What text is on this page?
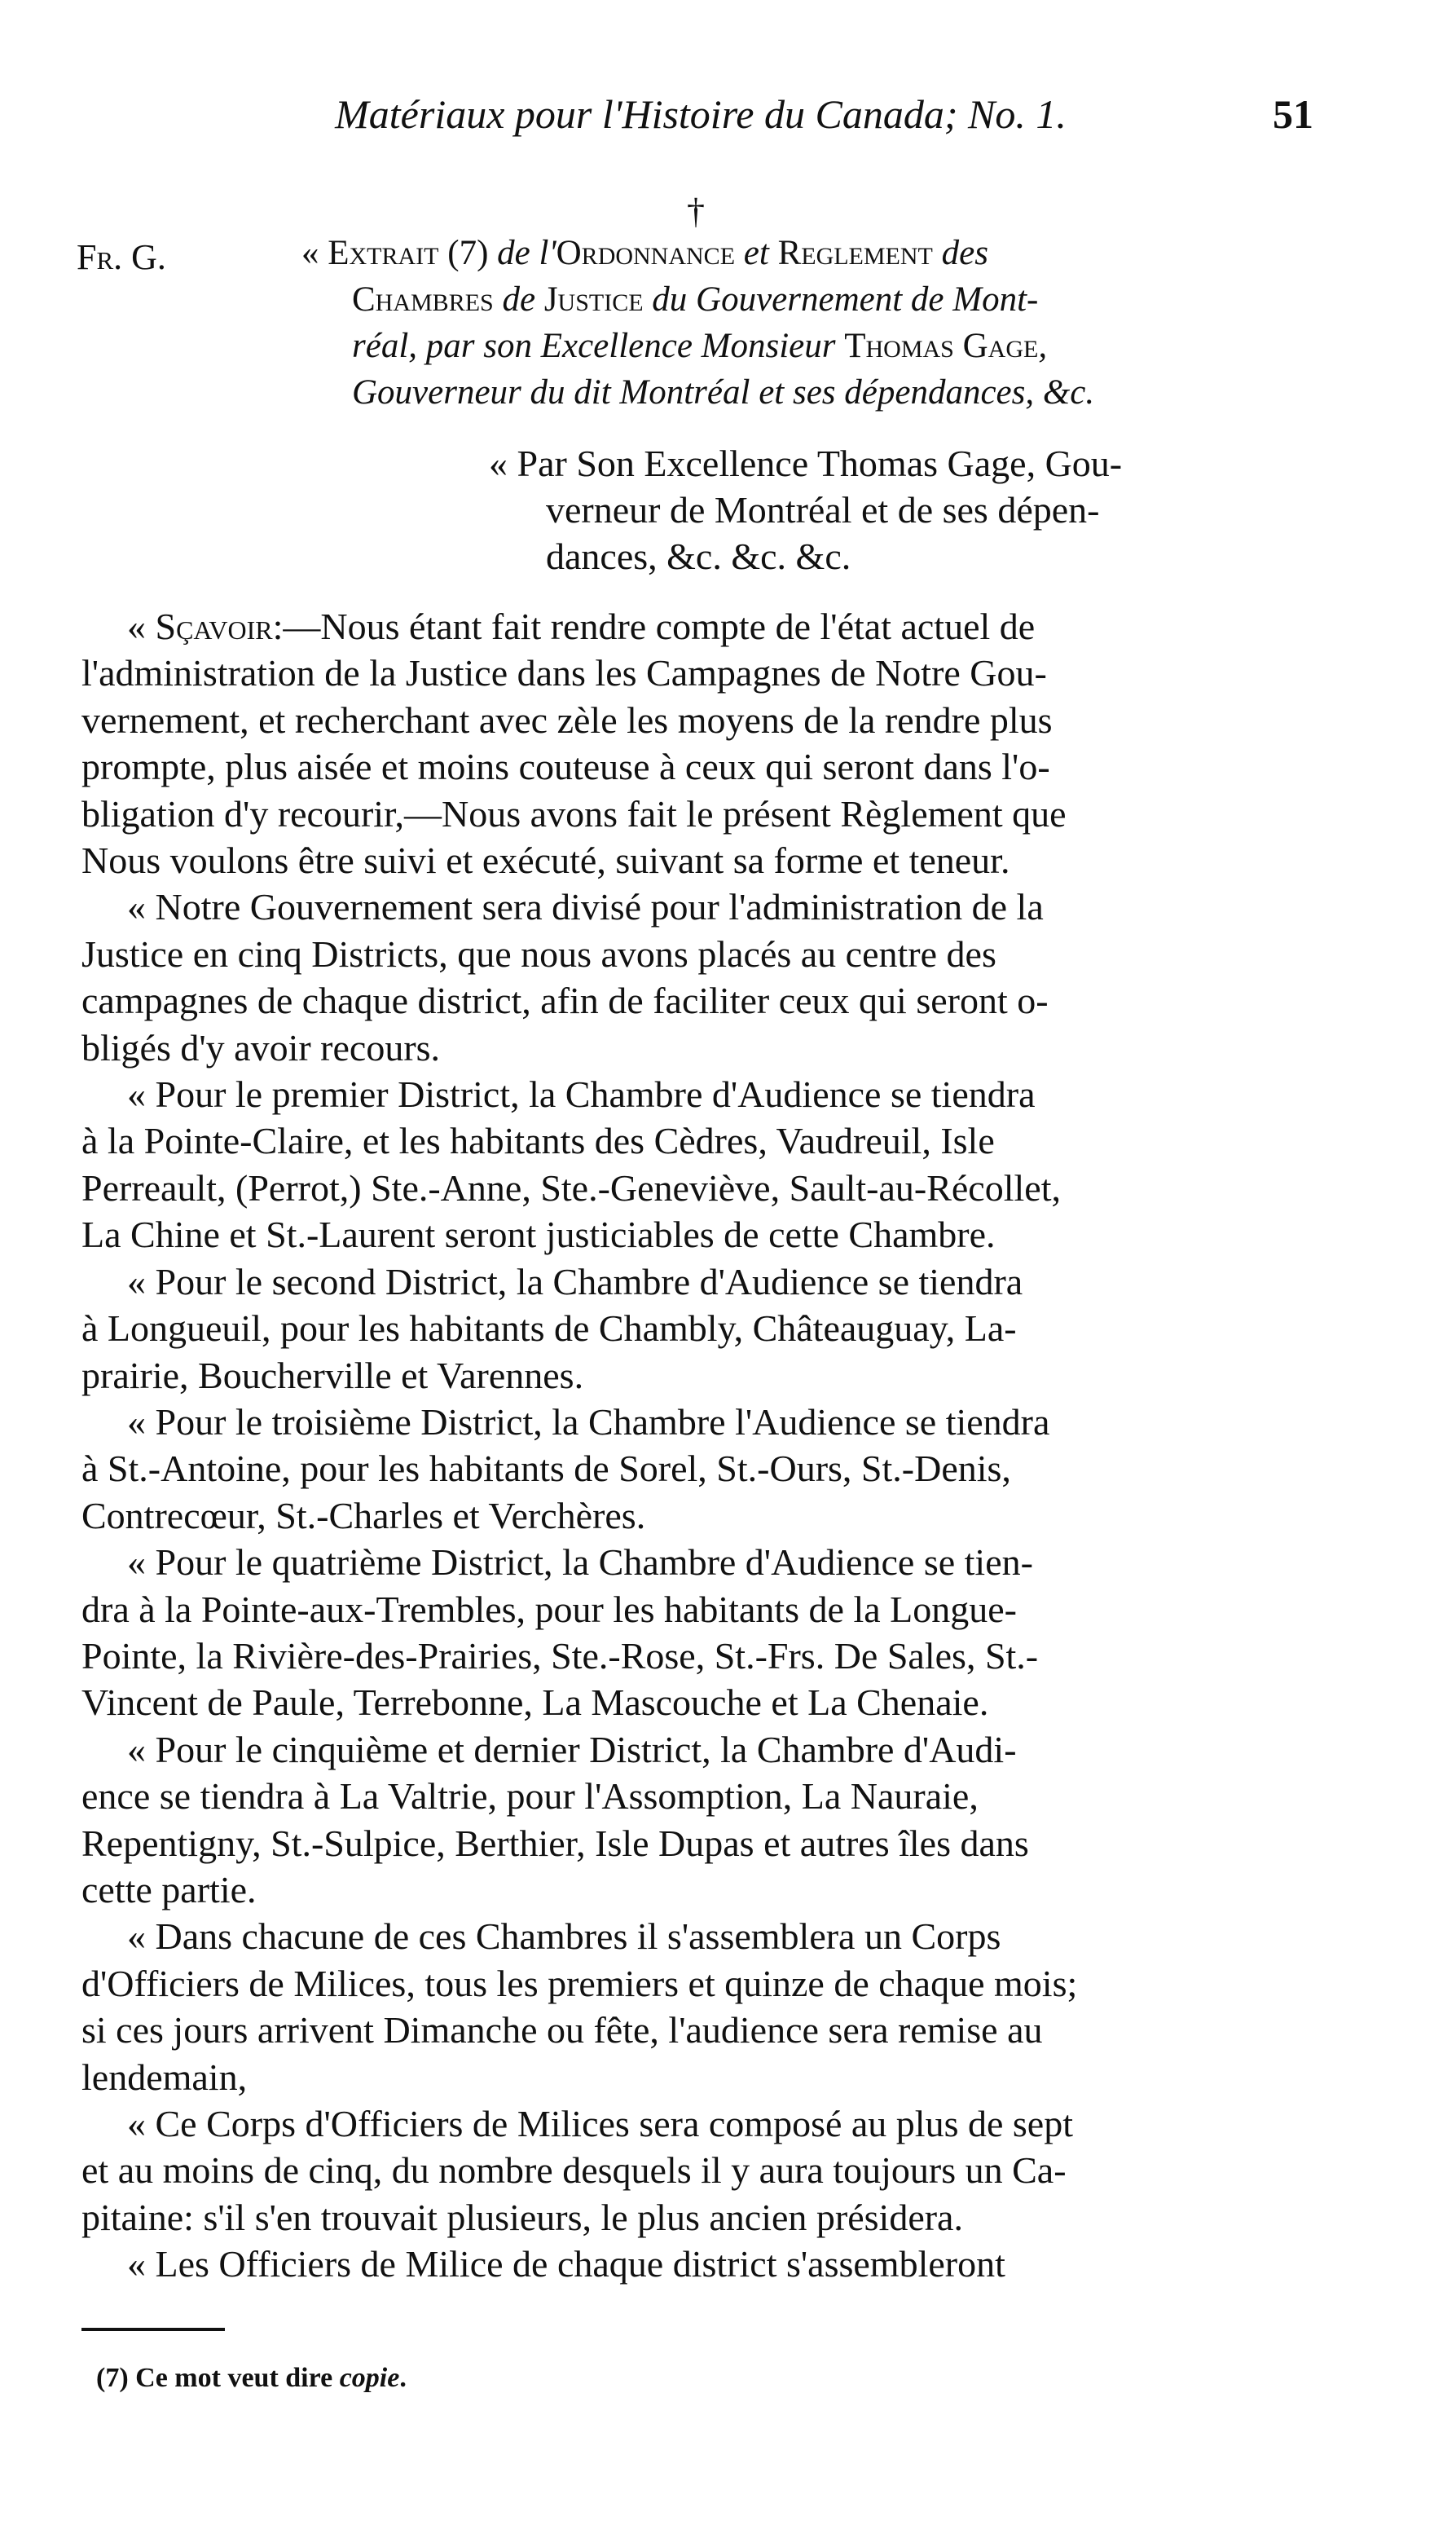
Matériaux pour l'Histoire du Canada; No. 1.	51
†
Fr. G.	« Extrait (7) de l'Ordonnance et Reglement des
Chambres de Justice du Gouvernement de Mont-
réal, par son Excellence Monsieur Thomas Gage,
Gouverneur du dit Montréal et ses dépendances, &c.
« Par Son Excellence Thomas Gage, Gou-
verneur de Montréal et de ses dépen-
dances, &c. &c. &c.
« Sçavoir:—Nous étant fait rendre compte de l'état actuel de
l'administration de la Justice dans les Campagnes de Notre Gou-
vernement, et recherchant avec zèle les moyens de la rendre plus
prompte, plus aisée et moins couteuse à ceux qui seront dans l'o-
bligation d'y recourir,—Nous avons fait le présent Règlement que
Nous voulons être suivi et exécuté, suivant sa forme et teneur.
« Notre Gouvernement sera divisé pour l'administration de la
Justice en cinq Districts, que nous avons placés au centre des
campagnes de chaque district, afin de faciliter ceux qui seront o-
bligés d'y avoir recours.
« Pour le premier District, la Chambre d'Audience se tiendra
à la Pointe-Claire, et les habitants des Cèdres, Vaudreuil, Isle
Perreault, (Perrot,) Ste.-Anne, Ste.-Geneviève, Sault-au-Récollet,
La Chine et St.-Laurent seront justiciables de cette Chambre.
« Pour le second District, la Chambre d'Audience se tiendra
à Longueuil, pour les habitants de Chambly, Châteauguay, La-
prairie, Boucherville et Varennes.
« Pour le troisième District, la Chambre l'Audience se tiendra
à St.-Antoine, pour les habitants de Sorel, St.-Ours, St.-Denis,
Contrecœur, St.-Charles et Verchères.
« Pour le quatrième District, la Chambre d'Audience se tien-
dra à la Pointe-aux-Trembles, pour les habitants de la Longue-
Pointe, la Rivière-des-Prairies, Ste.-Rose, St.-Frs. De Sales, St.-
Vincent de Paule, Terrebonne, La Mascouche et La Chenaie.
« Pour le cinquième et dernier District, la Chambre d'Audi-
ence se tiendra à La Valtrie, pour l'Assomption, La Nauraie,
Repentigny, St.-Sulpice, Berthier, Isle Dupas et autres îles dans
cette partie.
« Dans chacune de ces Chambres il s'assemblera un Corps
d'Officiers de Milices, tous les premiers et quinze de chaque mois;
si ces jours arrivent Dimanche ou fête, l'audience sera remise au
lendemain,
« Ce Corps d'Officiers de Milices sera composé au plus de sept
et au moins de cinq, du nombre desquels il y aura toujours un Ca-
pitaine: s'il s'en trouvait plusieurs, le plus ancien présidera.
« Les Officiers de Milice de chaque district s'assembleront
(7) Ce mot veut dire copie.
